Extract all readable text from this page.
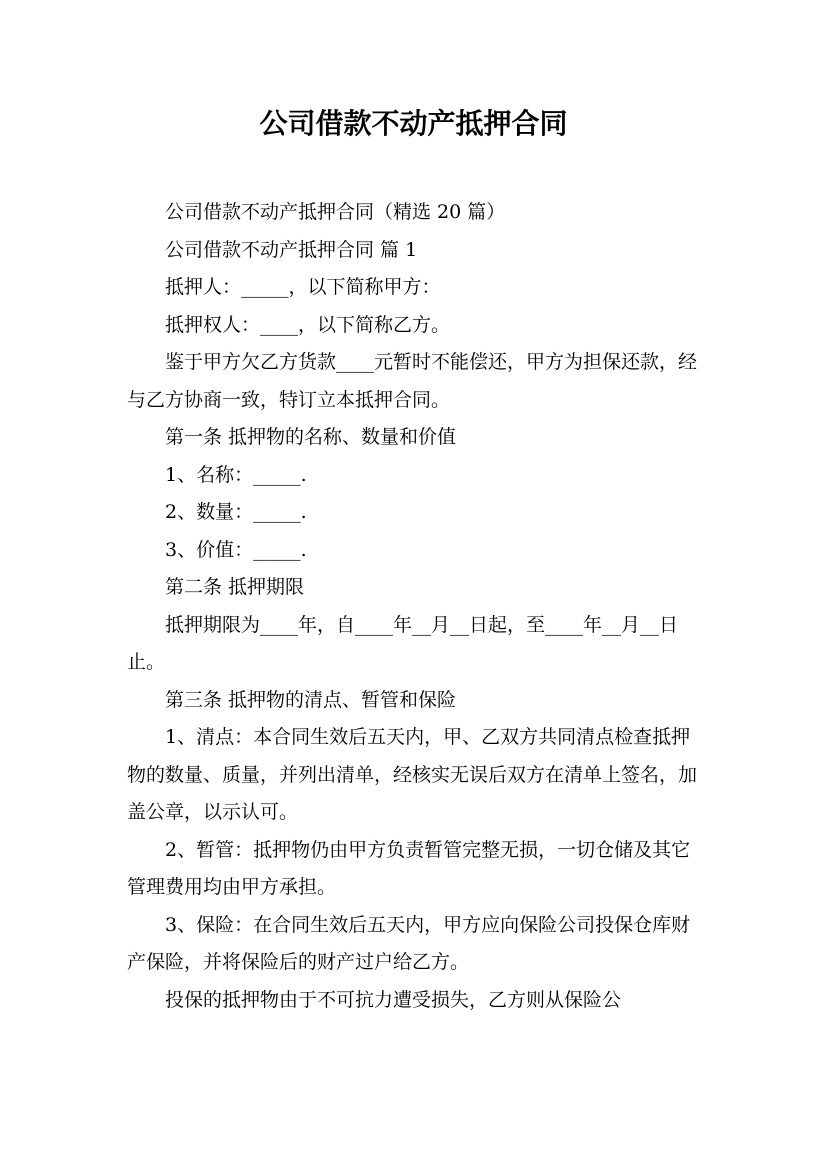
公司借款不动产抵押合同

公司借款不动产抵押合同（精选 20 篇）

公司借款不动产抵押合同 篇 1

抵押人：_____，以下简称甲方：

抵押权人：____，以下简称乙方。

鉴于甲方欠乙方货款____元暂时不能偿还，甲方为担保还款，经与乙方协商一致，特订立本抵押合同。

第一条 抵押物的名称、数量和价值

1、名称：_____.

2、数量：_____.

3、价值：_____.

第二条 抵押期限

抵押期限为____年，自____年__月__日起，至____年__月__日止。

第三条 抵押物的清点、暂管和保险

1、清点：本合同生效后五天内，甲、乙双方共同清点检查抵押物的数量、质量，并列出清单，经核实无误后双方在清单上签名，加盖公章，以示认可。

2、暂管：抵押物仍由甲方负责暂管完整无损，一切仓储及其它管理费用均由甲方承担。

3、保险：在合同生效后五天内，甲方应向保险公司投保仓库财产保险，并将保险后的财产过户给乙方。

投保的抵押物由于不可抗力遭受损失，乙方则从保险公
